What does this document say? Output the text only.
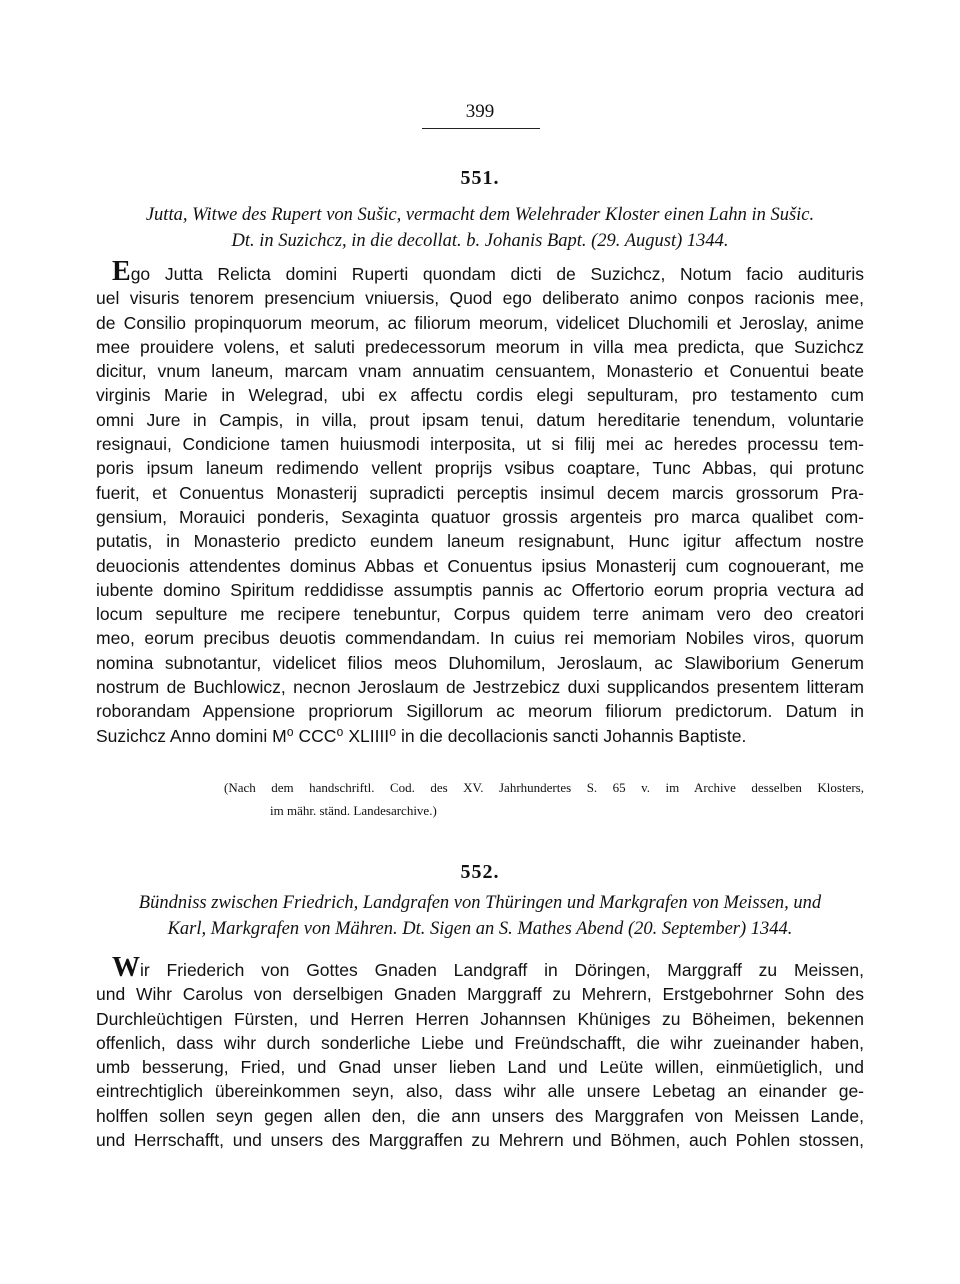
399
551.

Jutta, Witwe des Rupert von Sušic, vermacht dem Welehrader Kloster einen Lahn in Sušic.
Dt. in Suzichcz, in die decollat. b. Johanis Bapt. (29. August) 1344.

Ego Jutta Relicta domini Ruperti quondam dicti de Suzichcz, Notum facio audituris
uel visuris tenorem presencium vniuersis, Quod ego deliberato animo conpos racionis mee,
de Consilio propinquorum meorum, ac filiorum meorum, videlicet Dluchomili et Jeroslay, anime
mee prouidere volens, et saluti predecessorum meorum in villa mea predicta, que Suzichcz
dicitur, vnum laneum, marcam vnam annuatim censuantem, Monasterio et Conuentui beate
virginis Marie in Welegrad, ubi ex affectu cordis elegi sepulturam, pro testamento cum
omni Jure in Campis, in villa, prout ipsam tenui, datum hereditarie tenendum, voluntarie
resignaui, Condicione tamen huiusmodi interposita, ut si filij mei ac heredes processu tem-
poris ipsum laneum redimendo vellent proprijs vsibus coaptare, Tunc Abbas, qui protunc
fuerit, et Conuentus Monasterij supradicti perceptis insimul decem marcis grossorum Pra-
gensium, Morauici ponderis, Sexaginta quatuor grossis argenteis pro marca qualibet com-
putatis, in Monasterio predicto eundem laneum resignabunt, Hunc igitur affectum nostre
deuocionis attendentes dominus Abbas et Conuentus ipsius Monasterij cum cognouerant, me
iubente domino Spiritum reddidisse assumptis pannis ac Offertorio eorum propria vectura ad
locum sepulture me recipere tenebuntur, Corpus quidem terre animam vero deo creatori
meo, eorum precibus deuotis commendandam. In cuius rei memoriam Nobiles viros, quorum
nomina subnotantur, videlicet filios meos Dluhomilum, Jeroslaum, ac Slawiborium Generum
nostrum de Buchlowicz, necnon Jeroslaum de Jestrzebicz duxi supplicandos presentem litteram
roborandam Appensione propriorum Sigillorum ac meorum filiorum predictorum. Datum in
Suzichcz Anno domini M⁰ CCC⁰ XLIIII⁰ in die decollacionis sancti Johannis Baptiste.

(Nach dem handschriftl. Cod. des XV. Jahrhundertes S. 65 v. im Archive desselben Klosters,
im mähr. ständ. Landesarchive.)

552.

Bündniss zwischen Friedrich, Landgrafen von Thüringen und Markgrafen von Meissen, und
Karl, Markgrafen von Mähren. Dt. Sigen an S. Mathes Abend (20. September) 1344.

Wir Friederich von Gottes Gnaden Landgraff in Döringen, Marggraff zu Meissen,
und Wihr Carolus von derselbigen Gnaden Marggraff zu Mehrern, Erstgebohrner Sohn des
Durchleüchtigen Fürsten, und Herren Herren Johannsen Khüniges zu Böheimen, bekennen
offenlich, dass wihr durch sonderliche Liebe und Freündschafft, die wihr zueinander haben,
umb besserung, Fried, und Gnad unser lieben Land und Leüte willen, einmüetiglich, und
eintrechtiglich übereinkommen seyn, also, dass wihr alle unsere Lebetag an einander ge-
holffen sollen seyn gegen allen den, die ann unsers des Marggrafen von Meissen Lande,
und Herrschafft, und unsers des Marggraffen zu Mehrern und Böhmen, auch Pohlen stossen,
